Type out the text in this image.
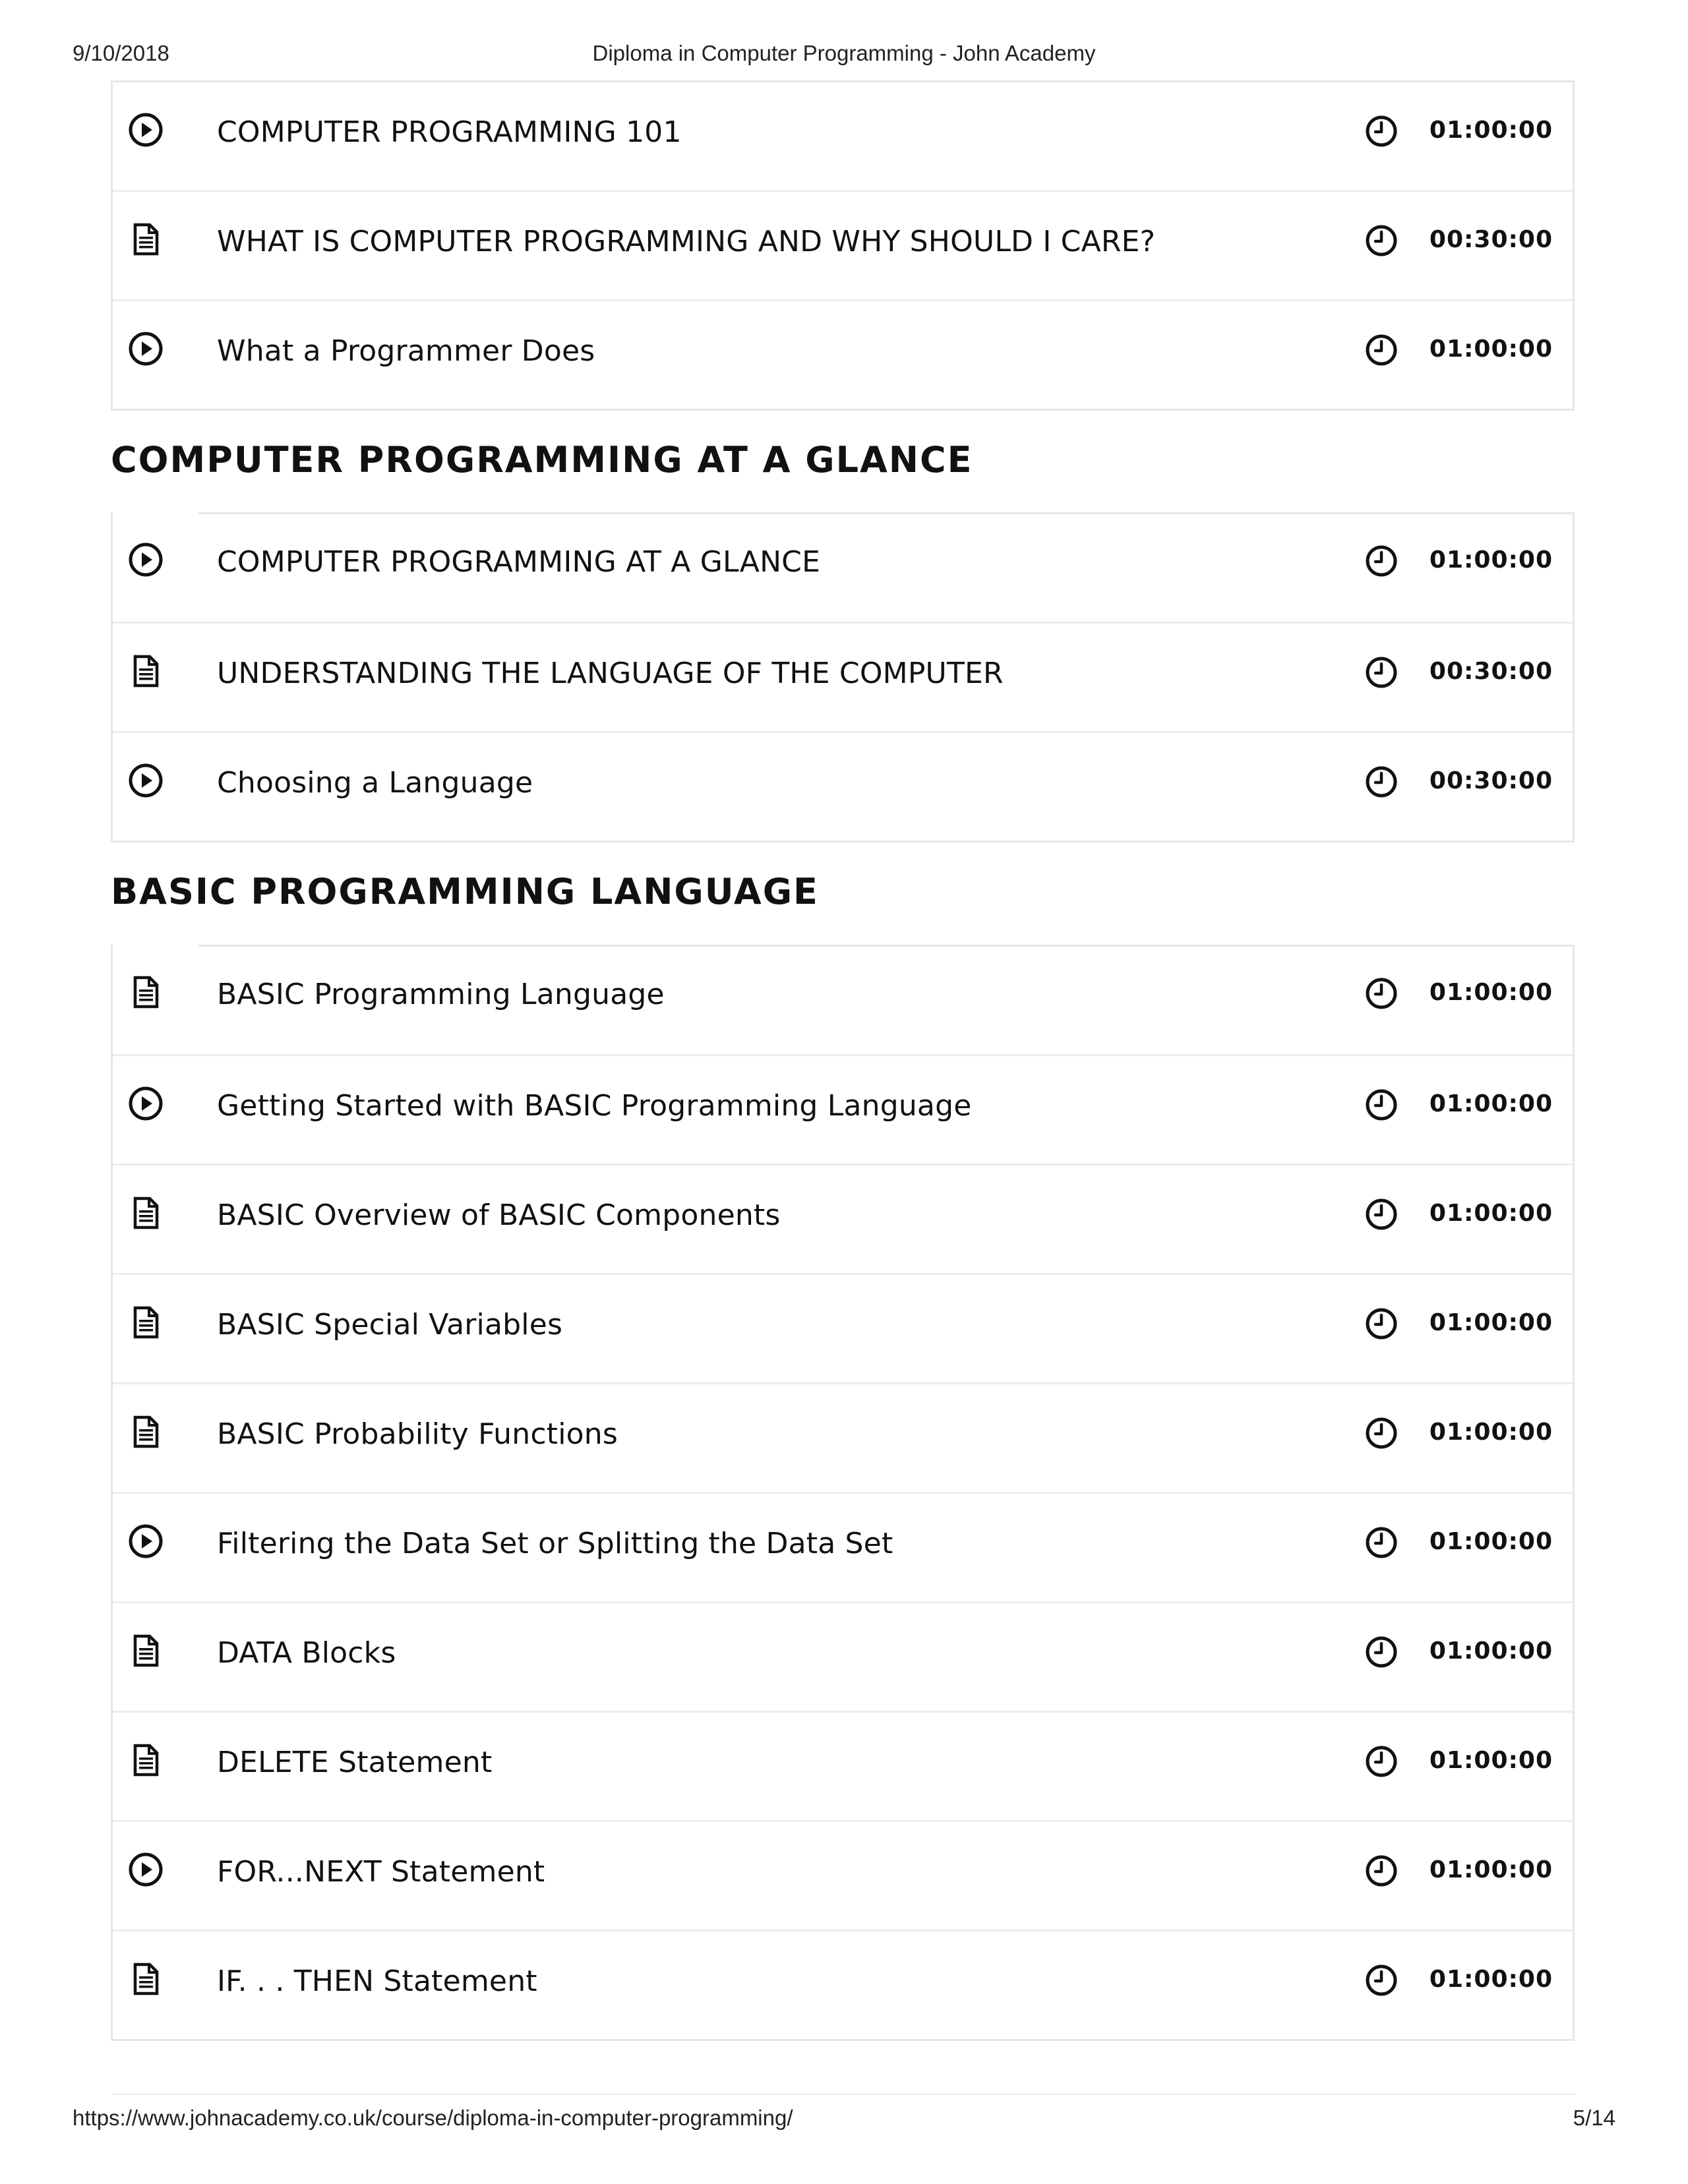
9/10/2018	Diploma in Computer Programming - John Academy
COMPUTER PROGRAMMING 101	01:00:00
WHAT IS COMPUTER PROGRAMMING AND WHY SHOULD I CARE?	00:30:00
What a Programmer Does	01:00:00
COMPUTER PROGRAMMING AT A GLANCE
COMPUTER PROGRAMMING AT A GLANCE	01:00:00
UNDERSTANDING THE LANGUAGE OF THE COMPUTER	00:30:00
Choosing a Language	00:30:00
BASIC PROGRAMMING LANGUAGE
BASIC Programming Language	01:00:00
Getting Started with BASIC Programming Language	01:00:00
BASIC Overview of BASIC Components	01:00:00
BASIC Special Variables	01:00:00
BASIC Probability Functions	01:00:00
Filtering the Data Set or Splitting the Data Set	01:00:00
DATA Blocks	01:00:00
DELETE Statement	01:00:00
FOR...NEXT Statement	01:00:00
IF. . . THEN Statement	01:00:00
https://www.johnacademy.co.uk/course/diploma-in-computer-programming/	5/14
